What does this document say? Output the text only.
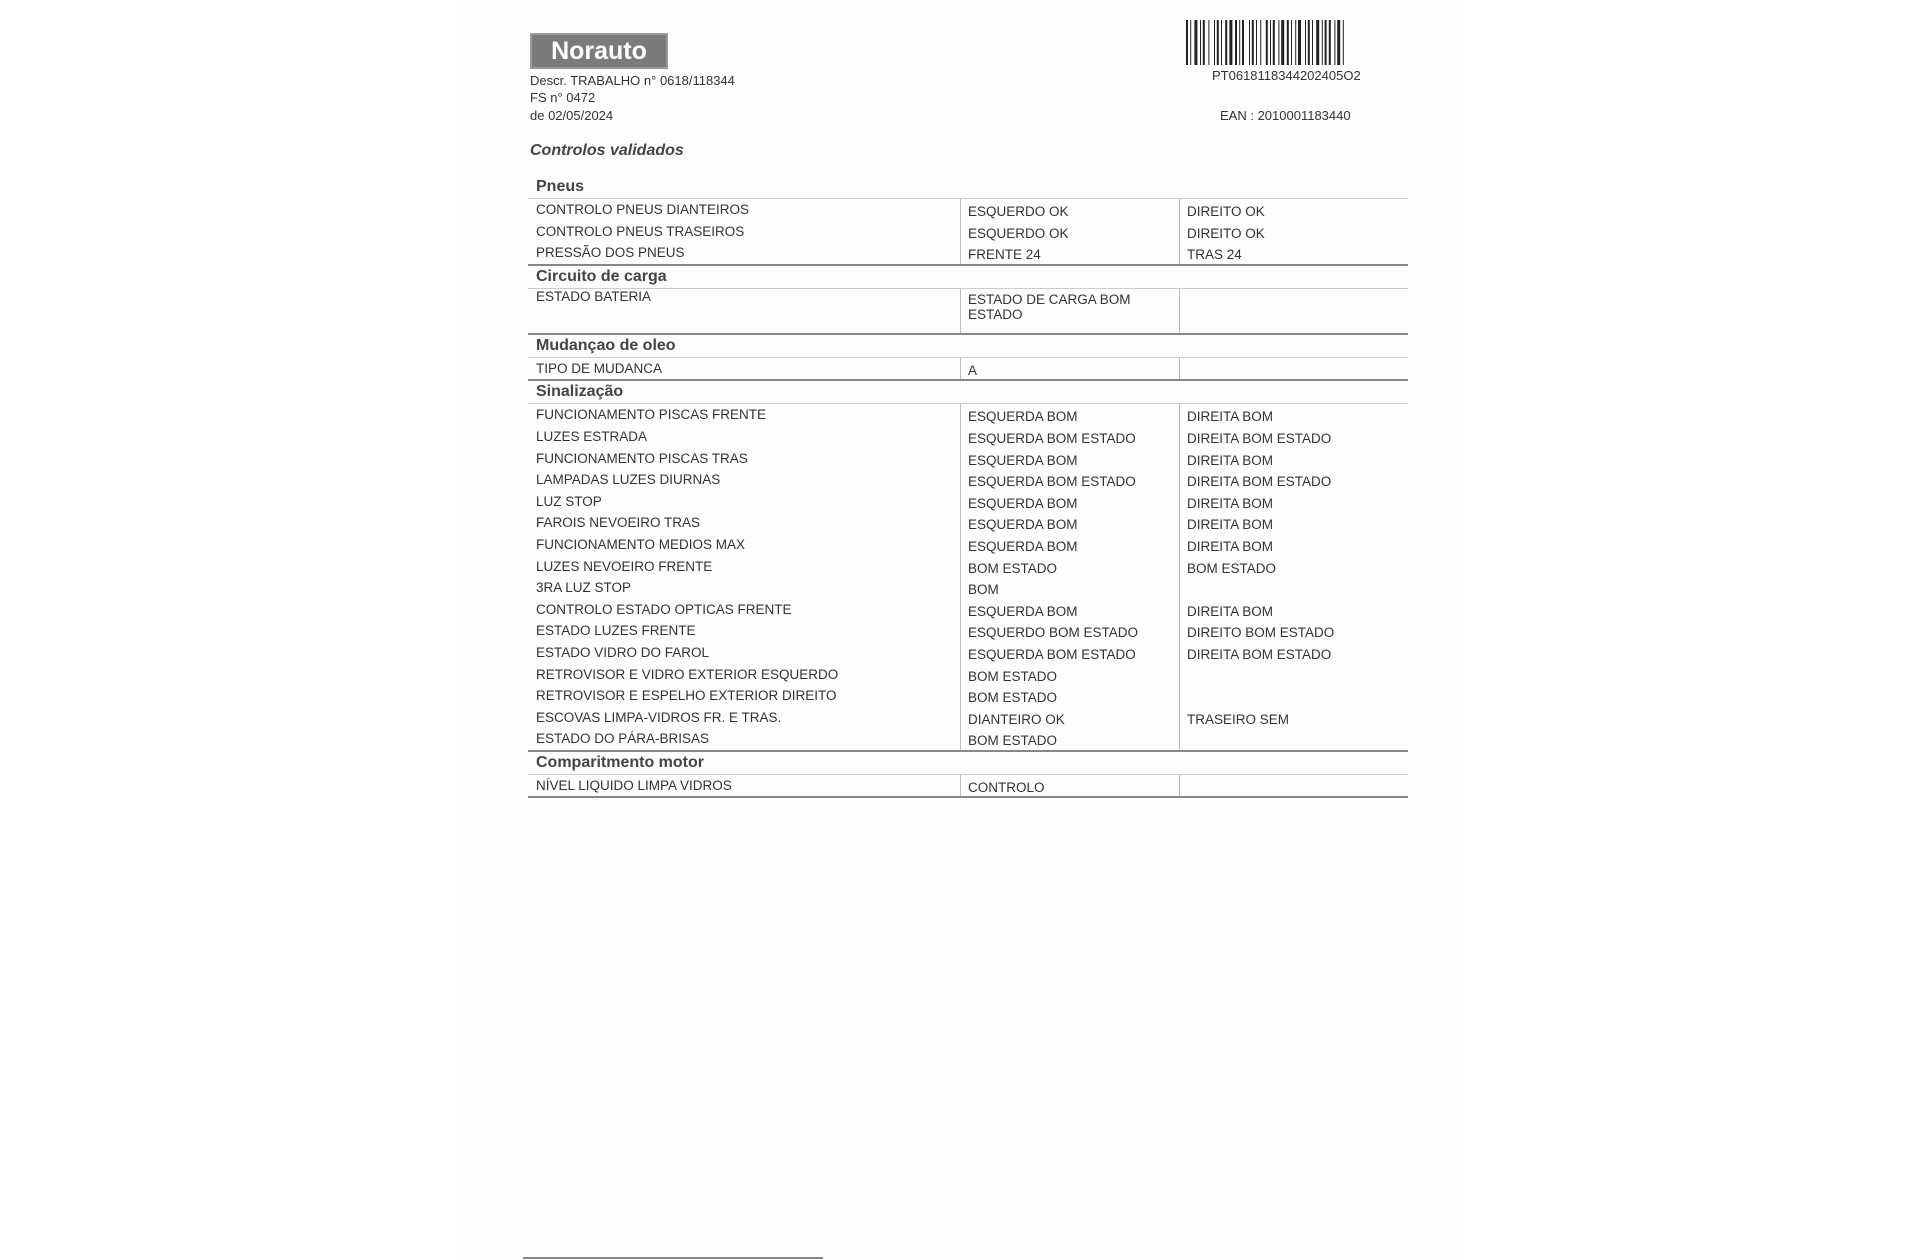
Norauto
Descr. TRABALHO n° 0618/118344
FS n° 0472
de 02/05/2024
PT0618118344202405O2
EAN : 2010001183440
Controlos validados
Pneus
CONTROLO PNEUS DIANTEIROS	ESQUERDO OK	DIREITO OK
CONTROLO PNEUS TRASEIROS	ESQUERDO OK	DIREITO OK
PRESSÃO DOS PNEUS	FRENTE 24	TRAS 24
Circuito de carga
ESTADO BATERIA	ESTADO DE CARGA BOM ESTADO
Mudançao de oleo
TIPO DE MUDANCA	A
Sinalização
FUNCIONAMENTO PISCAS FRENTE	ESQUERDA BOM	DIREITA BOM
LUZES ESTRADA	ESQUERDA BOM ESTADO	DIREITA BOM ESTADO
FUNCIONAMENTO PISCAS TRAS	ESQUERDA BOM	DIREITA BOM
LAMPADAS LUZES DIURNAS	ESQUERDA BOM ESTADO	DIREITA BOM ESTADO
LUZ STOP	ESQUERDA BOM	DIREITA BOM
FAROIS NEVOEIRO TRAS	ESQUERDA BOM	DIREITA BOM
FUNCIONAMENTO MEDIOS MAX	ESQUERDA BOM	DIREITA BOM
LUZES NEVOEIRO FRENTE	BOM ESTADO	BOM ESTADO
3RA LUZ STOP	BOM
CONTROLO ESTADO OPTICAS FRENTE	ESQUERDA BOM	DIREITA BOM
ESTADO LUZES FRENTE	ESQUERDO BOM ESTADO	DIREITO BOM ESTADO
ESTADO VIDRO DO FAROL	ESQUERDA BOM ESTADO	DIREITA BOM ESTADO
RETROVISOR E VIDRO EXTERIOR ESQUERDO	BOM ESTADO
RETROVISOR E ESPELHO EXTERIOR DIREITO	BOM ESTADO
ESCOVAS LIMPA-VIDROS FR. E TRAS.	DIANTEIRO OK	TRASEIRO SEM
ESTADO DO PÁRA-BRISAS	BOM ESTADO
Comparitmento motor
NÍVEL LIQUIDO LIMPA VIDROS	CONTROLO
